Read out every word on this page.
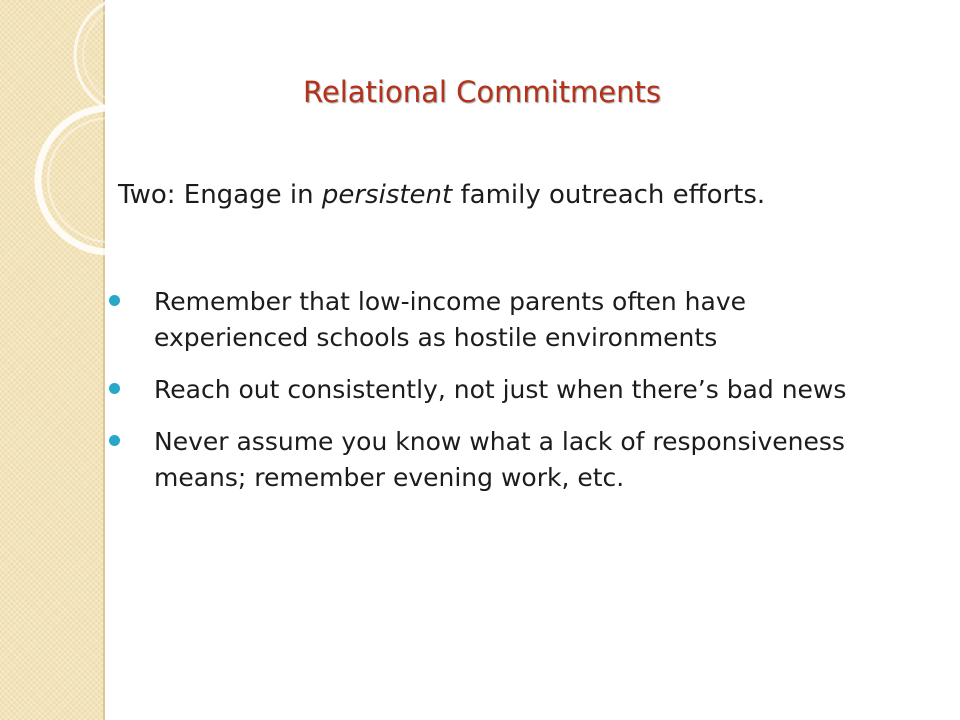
Relational Commitments

Two: Engage in persistent family outreach efforts.

Remember that low-income parents often have experienced schools as hostile environments
Reach out consistently, not just when there’s bad news
Never assume you know what a lack of responsiveness means; remember evening work, etc.
